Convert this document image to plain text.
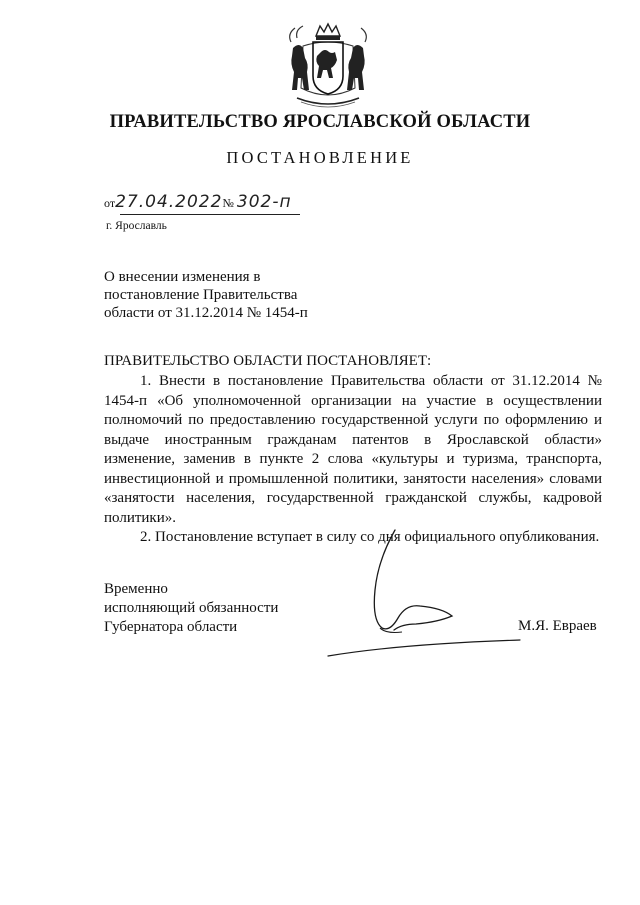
ПРАВИТЕЛЬСТВО ЯРОСЛАВСКОЙ ОБЛАСТИ
ПОСТАНОВЛЕНИЕ
от27.04.2022№ 302-п
г. Ярославль
О внесении изменения в
постановление Правительства
области от 31.12.2014 № 1454-п
ПРАВИТЕЛЬСТВО ОБЛАСТИ ПОСТАНОВЛЯЕТ:

1. Внести в постановление Правительства области от 31.12.2014 № 1454-п «Об уполномоченной организации на участие в осуществлении полномочий по предоставлению государственной услуги по оформлению и выдаче иностранным гражданам патентов в Ярославской области» изменение, заменив в пункте 2 слова «культуры и туризма, транспорта, инвестиционной и промышленной политики, занятости населения» словами «занятости населения, государственной гражданской службы, кадровой политики».

2. Постановление вступает в силу со дня официального опубликования.

Временно
исполняющий обязанности
Губернатора области	М.Я. Евраев
